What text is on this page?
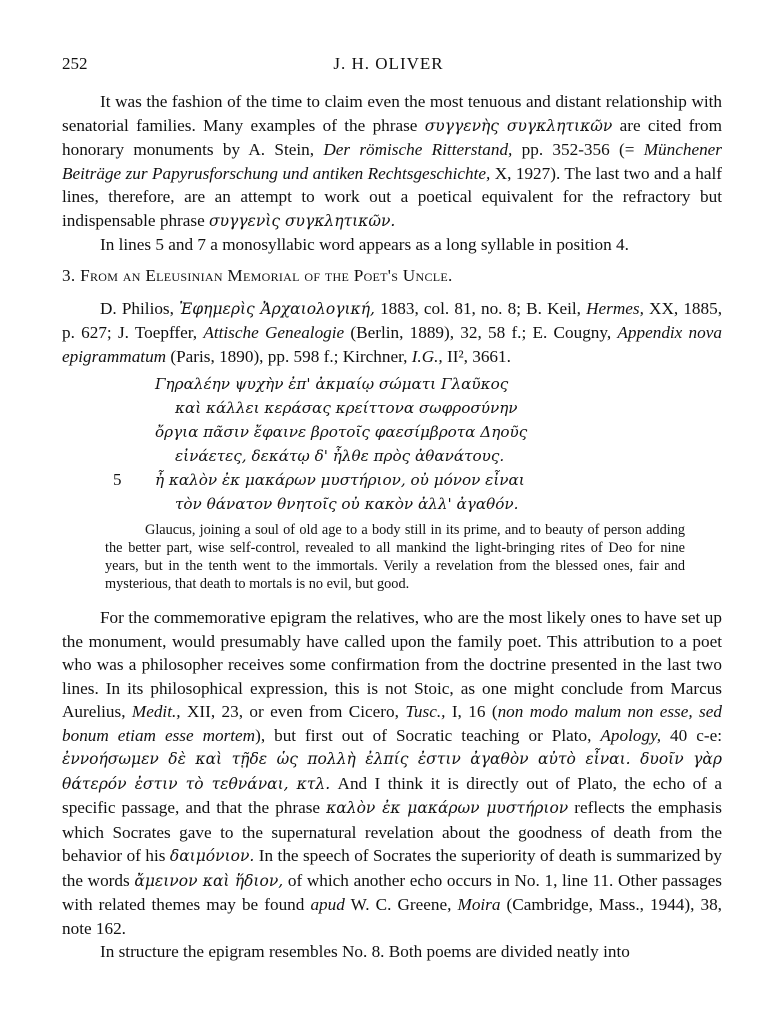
252	J. H. OLIVER

It was the fashion of the time to claim even the most tenuous and distant relationship with senatorial families. Many examples of the phrase συγγενὴς συγκλητικῶν are cited from honorary monuments by A. Stein, Der römische Ritterstand, pp. 352-356 (= Münchener Beiträge zur Papyrusforschung und antiken Rechtsgeschichte, X, 1927). The last two and a half lines, therefore, are an attempt to work out a poetical equivalent for the refractory but indispensable phrase συγγενὶς συγκλητικῶν.

In lines 5 and 7 a monosyllabic word appears as a long syllable in position 4.

3. From an Eleusinian Memorial of the Poet's Uncle.

D. Philios, Ἐφημερὶς Ἀρχαιολογική, 1883, col. 81, no. 8; B. Keil, Hermes, XX, 1885, p. 627; J. Toepffer, Attische Genealogie (Berlin, 1889), 32, 58 f.; E. Cougny, Appendix nova epigrammatum (Paris, 1890), pp. 598 f.; Kirchner, I.G., II², 3661.

Γηραλέην ψυχὴν ἐπ' ἀκμαίῳ σώματι Γλαῦκος
καὶ κάλλει κεράσας κρείττονα σωφροσύνην
ὄργια πᾶσιν ἔφαινε βροτοῖς φαεσίμβροτα Δηοῦς
εἰνάετες, δεκάτῳ δ' ἦλθε πρὸς ἀθανάτους.
5 ἦ καλὸν ἐκ μακάρων μυστήριον, οὐ μόνον εἶναι
τὸν θάνατον θνητοῖς οὐ κακὸν ἀλλ' ἀγαθόν.
Glaucus, joining a soul of old age to a body still in its prime, and to beauty of person adding the better part, wise self-control, revealed to all mankind the light-bringing rites of Deo for nine years, but in the tenth went to the immortals. Verily a revelation from the blessed ones, fair and mysterious, that death to mortals is no evil, but good.

For the commemorative epigram the relatives, who are the most likely ones to have set up the monument, would presumably have called upon the family poet. This attribution to a poet who was a philosopher receives some confirmation from the doctrine presented in the last two lines. In its philosophical expression, this is not Stoic, as one might conclude from Marcus Aurelius, Medit., XII, 23, or even from Cicero, Tusc., I, 16 (non modo malum non esse, sed bonum etiam esse mortem), but first out of Socratic teaching or Plato, Apology, 40 c-e: ἐννοήσωμεν δὲ καὶ τῇδε ὡς πολλὴ ἐλπίς ἐστιν ἀγαθὸν αὐτὸ εἶναι. δυοῖν γὰρ θάτερόν ἐστιν τὸ τεθνάναι, κτλ. And I think it is directly out of Plato, the echo of a specific passage, and that the phrase καλὸν ἐκ μακάρων μυστήριον reflects the emphasis which Socrates gave to the supernatural revelation about the goodness of death from the behavior of his δαιμόνιον. In the speech of Socrates the superiority of death is summarized by the words ἄμεινον καὶ ἥδιον, of which another echo occurs in No. 1, line 11. Other passages with related themes may be found apud W. C. Greene, Moira (Cambridge, Mass., 1944), 38, note 162.

In structure the epigram resembles No. 8. Both poems are divided neatly into
